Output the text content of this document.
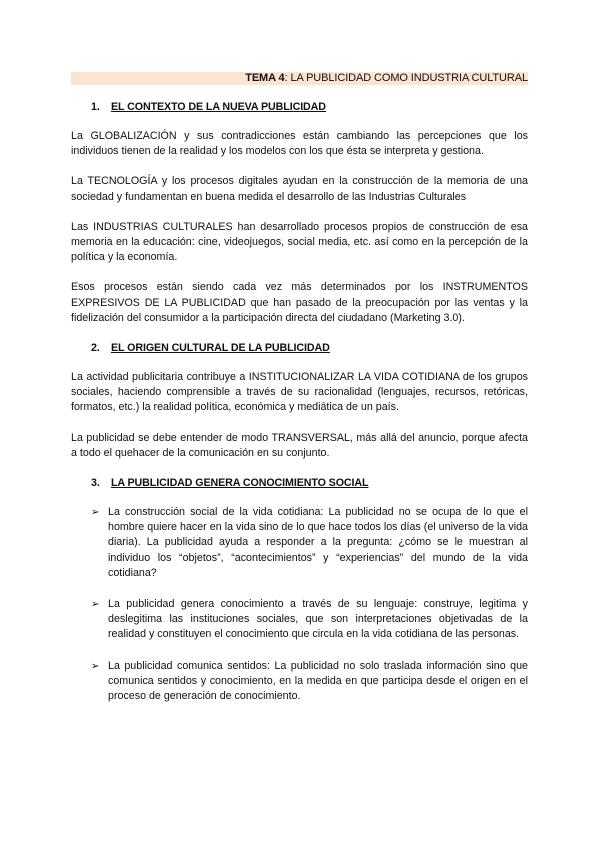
TEMA 4: LA PUBLICIDAD COMO INDUSTRIA CULTURAL
1. EL CONTEXTO DE LA NUEVA PUBLICIDAD

La GLOBALIZACIÓN y sus contradicciones están cambiando las percepciones que los individuos tienen de la realidad y los modelos con los que ésta se interpreta y gestiona.

La TECNOLOGÍA y los procesos digitales ayudan en la construcción de la memoria de una sociedad y fundamentan en buena medida el desarrollo de las Industrias Culturales

Las INDUSTRIAS CULTURALES han desarrollado procesos propios de construcción de esa memoria en la educación: cine, videojuegos, social media, etc. así como en la percepción de la política y la economía.

Esos procesos están siendo cada vez más determinados por los INSTRUMENTOS EXPRESIVOS DE LA PUBLICIDAD que han pasado de la preocupación por las ventas y la fidelización del consumidor a la participación directa del ciudadano (Marketing 3.0).

2. EL ORIGEN CULTURAL DE LA PUBLICIDAD

La actividad publicitaria contribuye a INSTITUCIONALIZAR LA VIDA COTIDIANA de los grupos sociales, haciendo comprensible a través de su racionalidad (lenguajes, recursos, retóricas, formatos, etc.) la realidad política, económica y mediática de un país.

La publicidad se debe entender de modo TRANSVERSAL, más allá del anuncio, porque afecta a todo el quehacer de la comunicación en su conjunto.

3. LA PUBLICIDAD GENERA CONOCIMIENTO SOCIAL
➢ La construcción social de la vida cotidiana: La publicidad no se ocupa de lo que el hombre quiere hacer en la vida sino de lo que hace todos los días (el universo de la vida diaria). La publicidad ayuda a responder a la pregunta: ¿cómo se le muestran al individuo los “objetos”, “acontecimientos” y “experiencias” del mundo de la vida cotidiana?
➢ La publicidad genera conocimiento a través de su lenguaje: construye, legitima y deslegitima las instituciones sociales, que son interpretaciones objetivadas de la realidad y constituyen el conocimiento que circula en la vida cotidiana de las personas.
➢ La publicidad comunica sentidos: La publicidad no solo traslada información sino que comunica sentidos y conocimiento, en la medida en que participa desde el origen en el proceso de generación de conocimiento.
